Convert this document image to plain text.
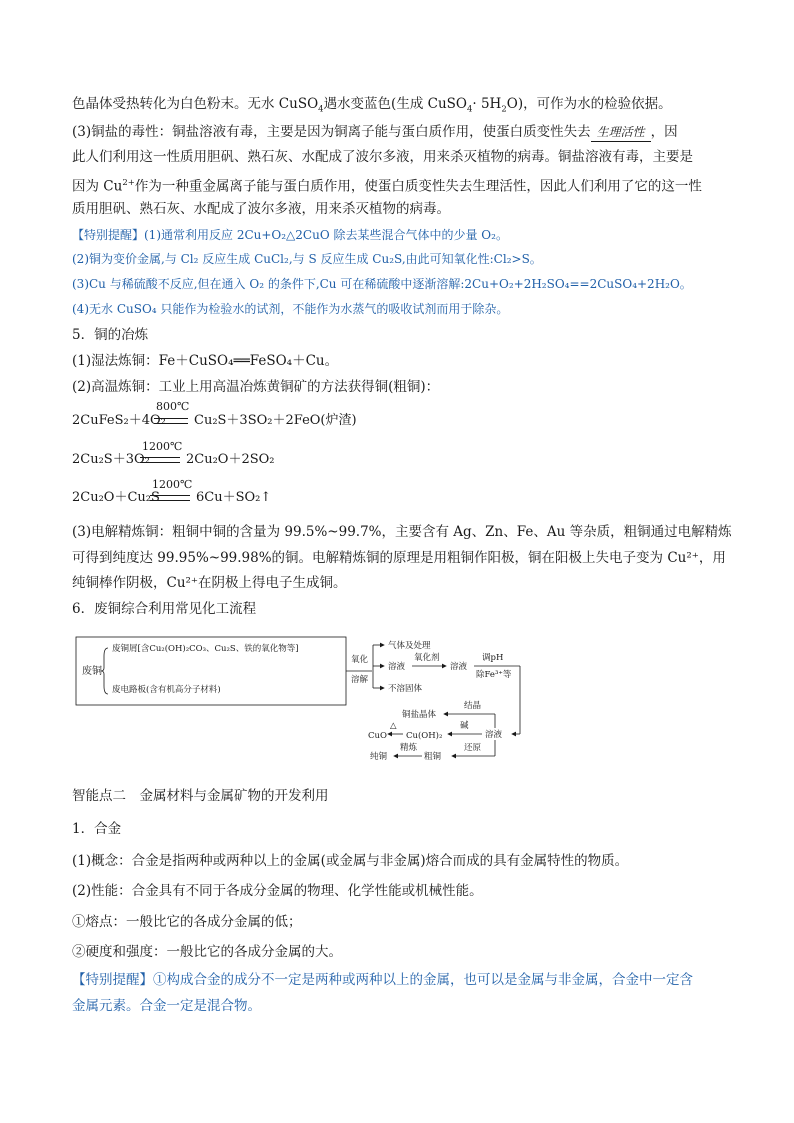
色晶体受热转化为白色粉末。无水 CuSO$_4$遇水变蓝色(生成 CuSO$_4$· $5H_2O$)，可作为水的检验依据。
(3)铜盐的毒性：铜盐溶液有毒，主要是因为铜离子能与蛋白质作用，使蛋白质变性失去 生理活性 ，因
此人们利用这一性质用胆矾、熟石灰、水配成了波尔多液，用来杀灭植物的病毒。铜盐溶液有毒，主要是
因为 $Cu^{2+}$作为一种重金属离子能与蛋白质作用，使蛋白质变性失去生理活性，因此人们利用了它的这一性
质用胆矾、熟石灰、水配成了波尔多液，用来杀灭植物的病毒。
【特别提醒】(1)通常利用反应 2Cu+O₂△2CuO 除去某些混合气体中的少量 O₂。
(2)铜为变价金属,与 Cl₂ 反应生成 CuCl₂,与 S 反应生成 Cu₂S,由此可知氧化性:Cl₂>S。
(3)Cu 与稀硫酸不反应,但在通入 O₂ 的条件下,Cu 可在稀硫酸中逐渐溶解:2Cu+O₂+2H₂SO₄==2CuSO₄+2H₂O。
(4)无水 CuSO₄ 只能作为检验水的试剂，不能作为水蒸气的吸收试剂而用于除杂。
5．铜的冶炼
(1)湿法炼铜：Fe＋CuSO₄══FeSO₄＋Cu。
(2)高温炼铜：工业上用高温冶炼黄铜矿的方法获得铜(粗铜)：
2CuFeS₂＋4O₂
800℃
Cu₂S＋3SO₂＋2FeO(炉渣)
2Cu₂S＋3O₂
1200℃
2Cu₂O＋2SO₂
2Cu₂O＋Cu₂S
1200℃
6Cu＋SO₂↑
(3)电解精炼铜：粗铜中铜的含量为 99.5%~99.7%，主要含有 Ag、Zn、Fe、Au 等杂质，粗铜通过电解精炼
可得到纯度达 99.95%~99.98%的铜。电解精炼铜的原理是用粗铜作阳极，铜在阳极上失电子变为 Cu²⁺，用
纯铜棒作阴极，Cu²⁺在阴极上得电子生成铜。
6．废铜综合利用常见化工流程
废铜
废铜屑[含Cu₂(OH)₂CO₃、Cu₂S、铁的氧化物等]
废电路板(含有机高分子材料)
氧化
溶解
气体及处理
溶液
不溶固体
氧化剂
溶液
调pH
除Fe³⁺等
溶液
结晶
铜盐晶体
碱
Cu(OH)₂
△
CuO
还原
粗铜
精炼
纯铜
智能点二　金属材料与金属矿物的开发利用
1．合金
(1)概念：合金是指两种或两种以上的金属(或金属与非金属)熔合而成的具有金属特性的物质。
(2)性能：合金具有不同于各成分金属的物理、化学性能或机械性能。
①熔点：一般比它的各成分金属的低；
②硬度和强度：一般比它的各成分金属的大。
【特别提醒】①构成合金的成分不一定是两种或两种以上的金属，也可以是金属与非金属，合金中一定含
金属元素。合金一定是混合物。
